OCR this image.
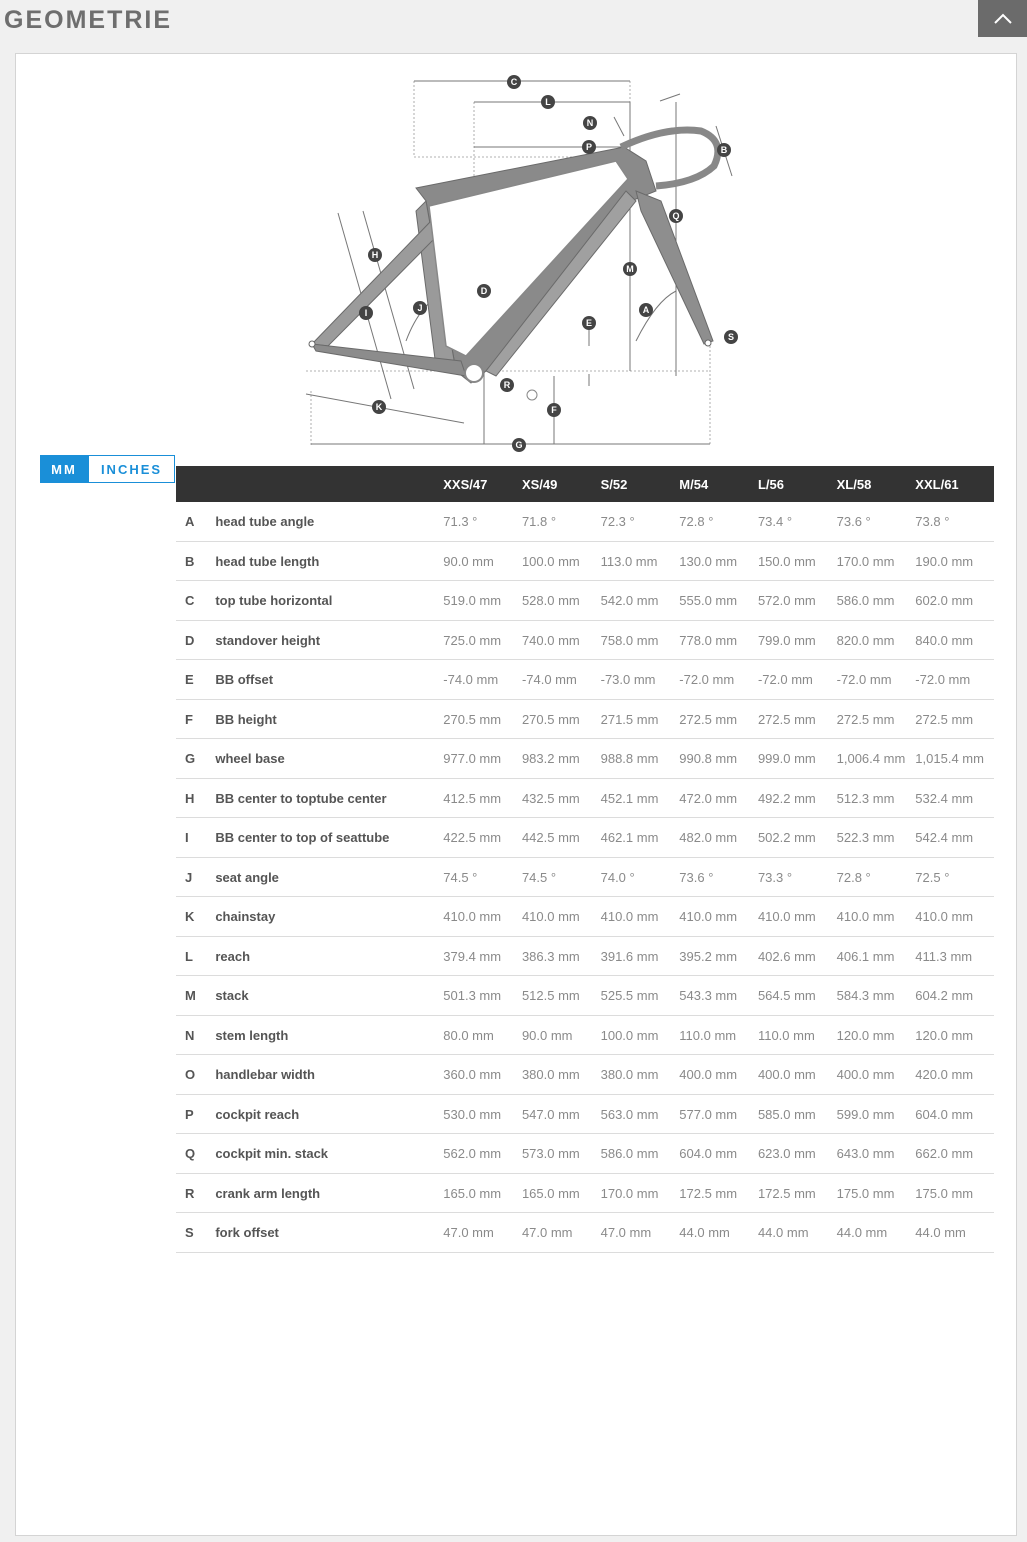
GEOMETRIE
C
L
N
P	B
Q
H
M
D
J	A
I
E
S
R
K	F
G
MM	INCHES
		XXS/47	XS/49	S/52	M/54	L/56	XL/58	XXL/61
A	head tube angle	71.3 °	71.8 °	72.3 °	72.8 °	73.4 °	73.6 °	73.8 °
B	head tube length	90.0 mm	100.0 mm	113.0 mm	130.0 mm	150.0 mm	170.0 mm	190.0 mm
C	top tube horizontal	519.0 mm	528.0 mm	542.0 mm	555.0 mm	572.0 mm	586.0 mm	602.0 mm
D	standover height	725.0 mm	740.0 mm	758.0 mm	778.0 mm	799.0 mm	820.0 mm	840.0 mm
E	BB offset	-74.0 mm	-74.0 mm	-73.0 mm	-72.0 mm	-72.0 mm	-72.0 mm	-72.0 mm
F	BB height	270.5 mm	270.5 mm	271.5 mm	272.5 mm	272.5 mm	272.5 mm	272.5 mm
G	wheel base	977.0 mm	983.2 mm	988.8 mm	990.8 mm	999.0 mm	1,006.4 mm	1,015.4 mm
H	BB center to toptube center	412.5 mm	432.5 mm	452.1 mm	472.0 mm	492.2 mm	512.3 mm	532.4 mm
I	BB center to top of seattube	422.5 mm	442.5 mm	462.1 mm	482.0 mm	502.2 mm	522.3 mm	542.4 mm
J	seat angle	74.5 °	74.5 °	74.0 °	73.6 °	73.3 °	72.8 °	72.5 °
K	chainstay	410.0 mm	410.0 mm	410.0 mm	410.0 mm	410.0 mm	410.0 mm	410.0 mm
L	reach	379.4 mm	386.3 mm	391.6 mm	395.2 mm	402.6 mm	406.1 mm	411.3 mm
M	stack	501.3 mm	512.5 mm	525.5 mm	543.3 mm	564.5 mm	584.3 mm	604.2 mm
N	stem length	80.0 mm	90.0 mm	100.0 mm	110.0 mm	110.0 mm	120.0 mm	120.0 mm
O	handlebar width	360.0 mm	380.0 mm	380.0 mm	400.0 mm	400.0 mm	400.0 mm	420.0 mm
P	cockpit reach	530.0 mm	547.0 mm	563.0 mm	577.0 mm	585.0 mm	599.0 mm	604.0 mm
Q	cockpit min. stack	562.0 mm	573.0 mm	586.0 mm	604.0 mm	623.0 mm	643.0 mm	662.0 mm
R	crank arm length	165.0 mm	165.0 mm	170.0 mm	172.5 mm	172.5 mm	175.0 mm	175.0 mm
S	fork offset	47.0 mm	47.0 mm	47.0 mm	44.0 mm	44.0 mm	44.0 mm	44.0 mm
